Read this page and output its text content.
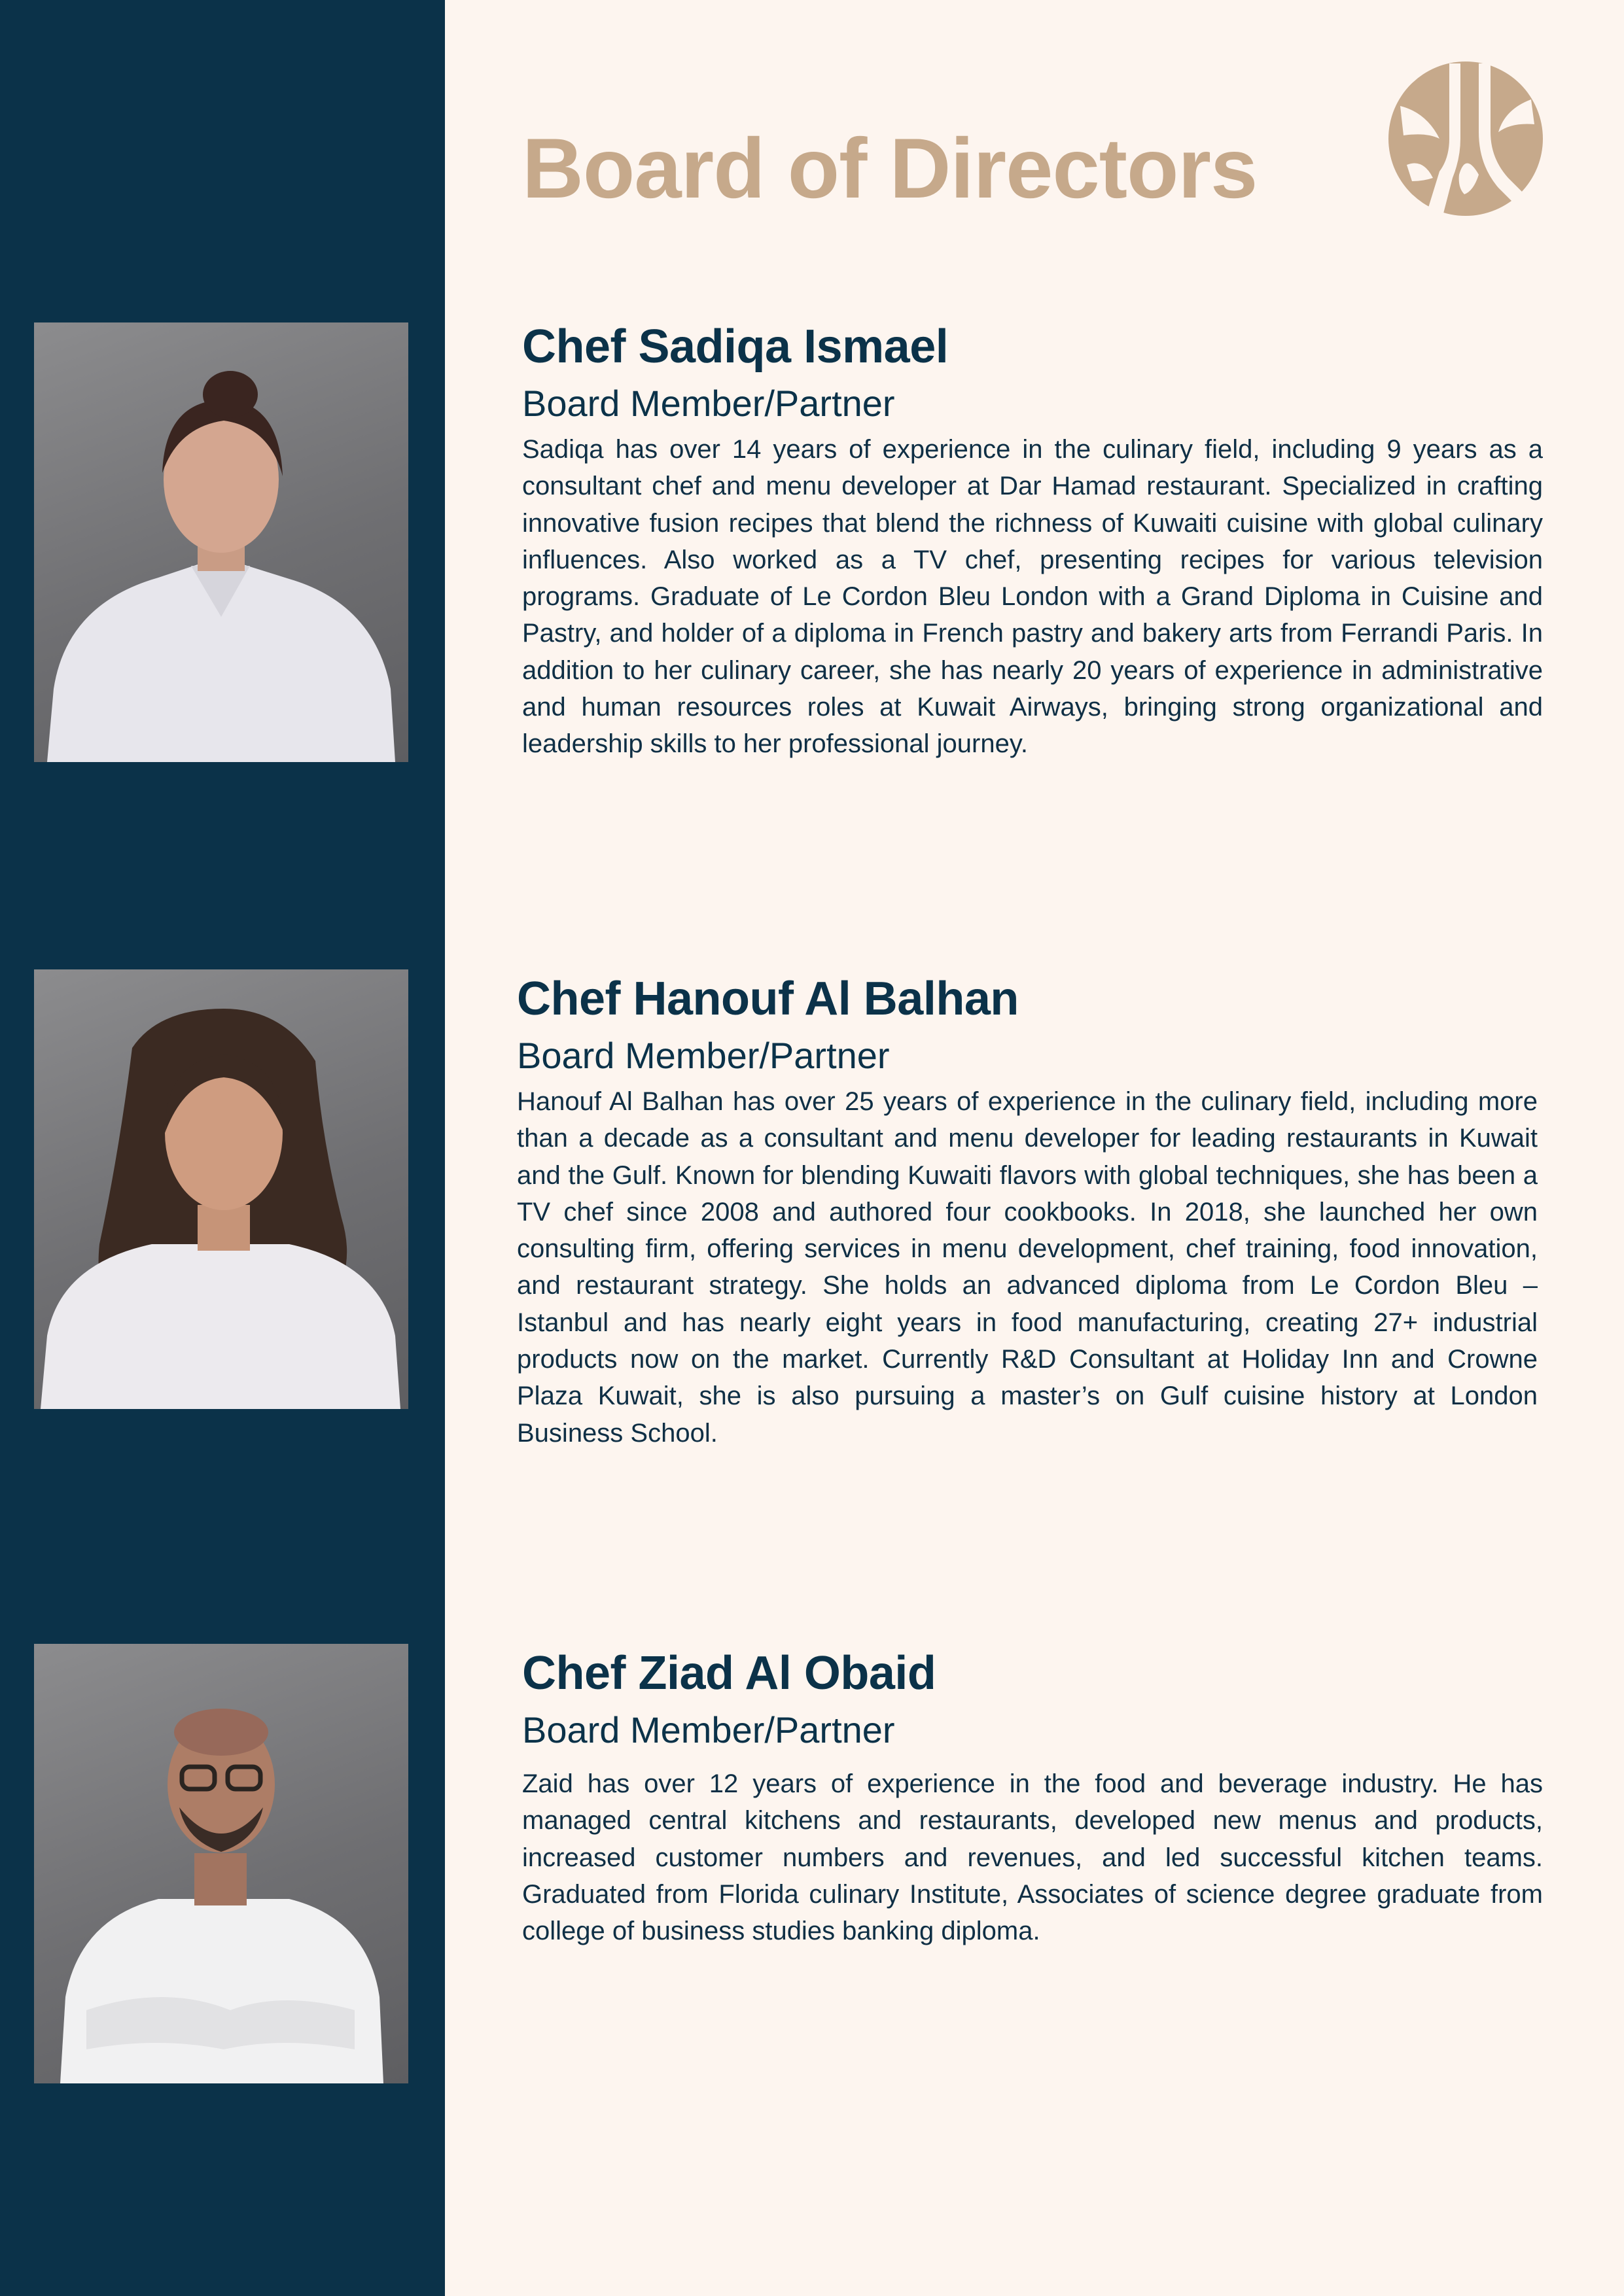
Board of Directors
Chef Sadiqa Ismael

Board Member/Partner

Sadiqa has over 14 years of experience in the culinary field, including 9 years as a consultant chef and menu developer at Dar Hamad restaurant. Specialized in crafting innovative fusion recipes that blend the richness of Kuwaiti cuisine with global culinary influences. Also worked as a TV chef, presenting recipes for various television programs. Graduate of Le Cordon Bleu London with a Grand Diploma in Cuisine and Pastry, and holder of a diploma in French pastry and bakery arts from Ferrandi Paris. In addition to her culinary career, she has nearly 20 years of experience in administrative and human resources roles at Kuwait Airways, bringing strong organizational and leadership skills to her professional journey.

Chef Hanouf Al Balhan

Board Member/Partner

Hanouf Al Balhan has over 25 years of experience in the culinary field, including more than a decade as a consultant and menu developer for leading restaurants in Kuwait and the Gulf. Known for blending Kuwaiti flavors with global techniques, she has been a TV chef since 2008 and authored four cookbooks. In 2018, she launched her own consulting firm, offering services in menu development, chef training, food innovation, and restaurant strategy. She holds an advanced diploma from Le Cordon Bleu – Istanbul and has nearly eight years in food manufacturing, creating 27+ industrial products now on the market. Currently R&D Consultant at Holiday Inn and Crowne Plaza Kuwait, she is also pursuing a master’s on Gulf cuisine history at London Business School.

Chef Ziad Al Obaid

Board Member/Partner

Zaid has over 12 years of experience in the food and beverage industry. He has managed central kitchens and restaurants, developed new menus and products, increased customer numbers and revenues, and led successful kitchen teams. Graduated from Florida culinary Institute, Associates of science degree graduate from college of business studies banking diploma.
